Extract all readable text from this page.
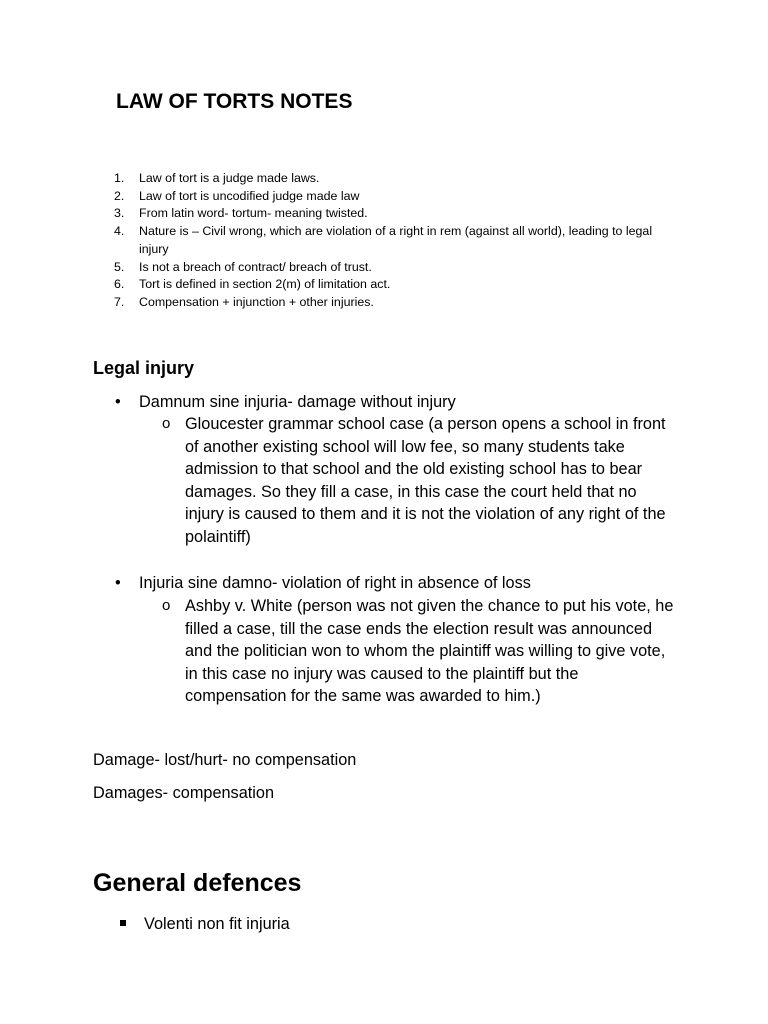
LAW OF TORTS NOTES
1.	Law of tort is a judge made laws.
2.	Law of tort is uncodified judge made law
3.	From latin word- tortum- meaning twisted.
4.	Nature is – Civil wrong, which are violation of a right in rem (against all world), leading to legal injury
5.	Is not a breach of contract/ breach of trust.
6.	Tort is defined in section 2(m) of limitation act.
7.	Compensation + injunction + other injuries.
Legal injury
•	Damnum sine injuria- damage without injury
o Gloucester grammar school case (a person opens a school in front of another existing school will low fee, so many students take admission to that school and the old existing school has to bear damages. So they fill a case, in this case the court held that no injury is caused to them and it is not the violation of any right of the polaintiff)
•	Injuria sine damno- violation of right in absence of loss
o Ashby v. White (person was not given the chance to put his vote, he filled a case, till the case ends the election result was announced and the politician won to whom the plaintiff was willing to give vote, in this case no injury was caused to the plaintiff but the compensation for the same was awarded to him.)

Damage- lost/hurt- no compensation

Damages- compensation

General defences
Volenti non fit injuria
